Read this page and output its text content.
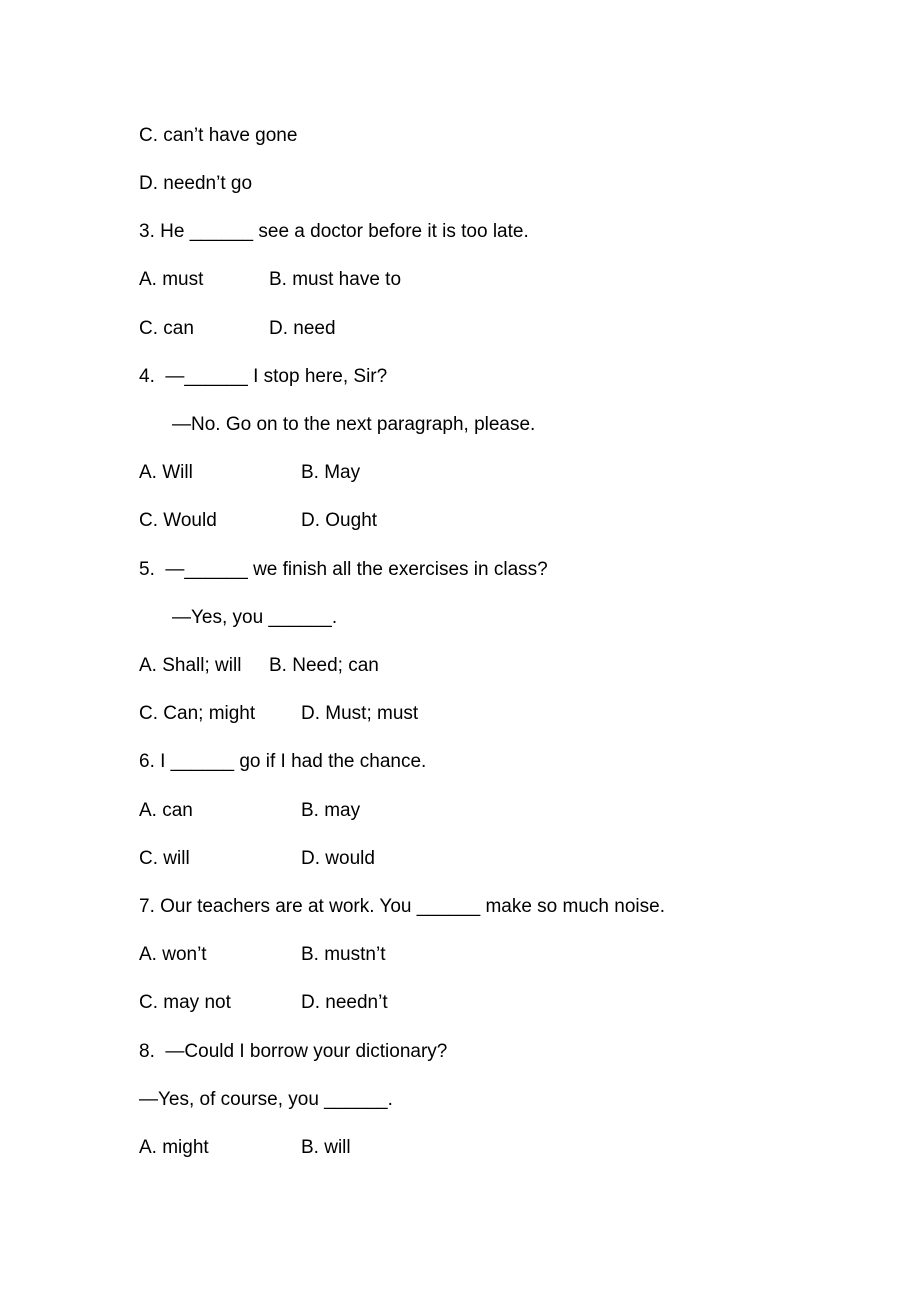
C. can’t have gone
D. needn’t go
3. He ______ see a doctor before it is too late.
A. must	B. must have to
C. can	D. need
4.  —______ I stop here, Sir?
—No. Go on to the next paragraph, please.
A. Will	B. May
C. Would	D. Ought
5.  —______ we finish all the exercises in class?
—Yes, you ______.
A. Shall; will B. Need; can
C. Can; might D. Must; must
6. I ______ go if I had the chance.
A. can	B. may
C. will	D. would
7. Our teachers are at work. You ______ make so much noise.
A. won’t	B. mustn’t
C. may not	D. needn’t
8.  —Could I borrow your dictionary?
—Yes, of course, you ______.
A. might	B. will
